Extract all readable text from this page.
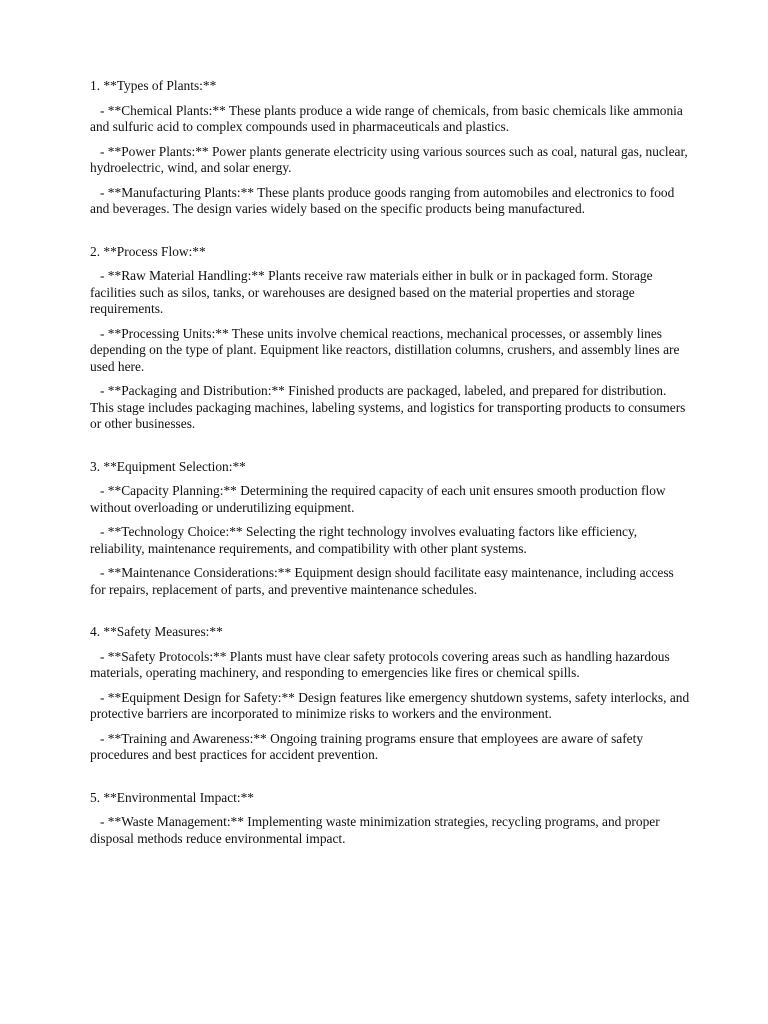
1. **Types of Plants:**

- **Chemical Plants:** These plants produce a wide range of chemicals, from basic chemicals like ammonia and sulfuric acid to complex compounds used in pharmaceuticals and plastics.

- **Power Plants:** Power plants generate electricity using various sources such as coal, natural gas, nuclear, hydroelectric, wind, and solar energy.

- **Manufacturing Plants:** These plants produce goods ranging from automobiles and electronics to food and beverages. The design varies widely based on the specific products being manufactured.

2. **Process Flow:**

- **Raw Material Handling:** Plants receive raw materials either in bulk or in packaged form. Storage facilities such as silos, tanks, or warehouses are designed based on the material properties and storage requirements.

- **Processing Units:** These units involve chemical reactions, mechanical processes, or assembly lines depending on the type of plant. Equipment like reactors, distillation columns, crushers, and assembly lines are used here.

- **Packaging and Distribution:** Finished products are packaged, labeled, and prepared for distribution. This stage includes packaging machines, labeling systems, and logistics for transporting products to consumers or other businesses.

3. **Equipment Selection:**

- **Capacity Planning:** Determining the required capacity of each unit ensures smooth production flow without overloading or underutilizing equipment.

- **Technology Choice:** Selecting the right technology involves evaluating factors like efficiency, reliability, maintenance requirements, and compatibility with other plant systems.

- **Maintenance Considerations:** Equipment design should facilitate easy maintenance, including access for repairs, replacement of parts, and preventive maintenance schedules.

4. **Safety Measures:**

- **Safety Protocols:** Plants must have clear safety protocols covering areas such as handling hazardous materials, operating machinery, and responding to emergencies like fires or chemical spills.

- **Equipment Design for Safety:** Design features like emergency shutdown systems, safety interlocks, and protective barriers are incorporated to minimize risks to workers and the environment.

- **Training and Awareness:** Ongoing training programs ensure that employees are aware of safety procedures and best practices for accident prevention.

5. **Environmental Impact:**

- **Waste Management:** Implementing waste minimization strategies, recycling programs, and proper disposal methods reduce environmental impact.
